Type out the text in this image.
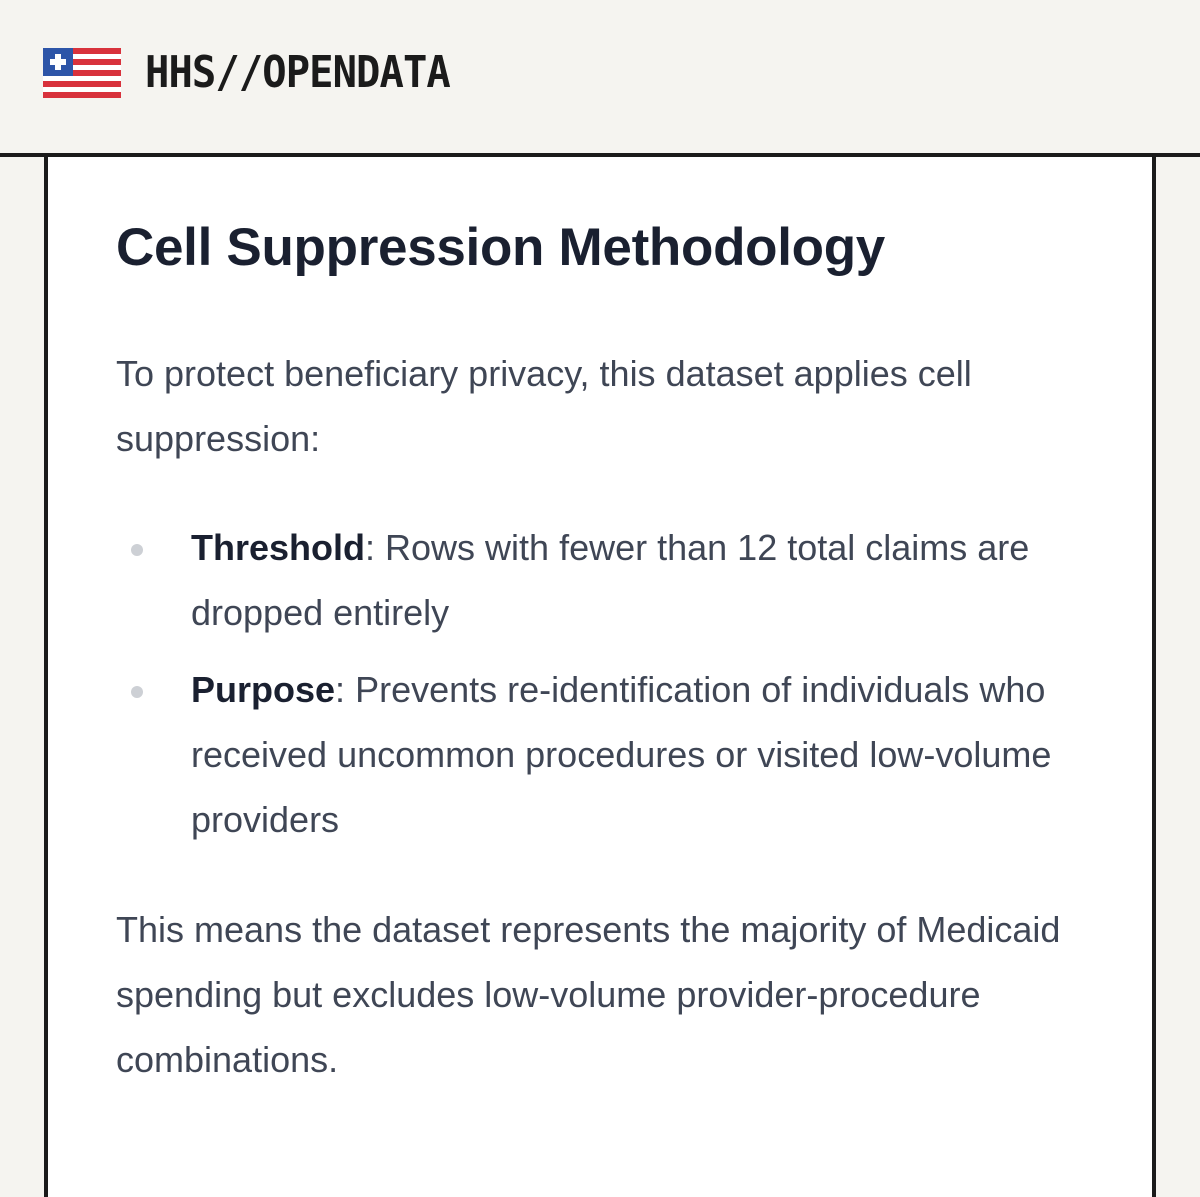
HHS//OPENDATA
Cell Suppression Methodology

To protect beneficiary privacy, this dataset applies cell suppression:

Threshold: Rows with fewer than 12 total claims are dropped entirely
Purpose: Prevents re-identification of individuals who received uncommon procedures or visited low-volume providers

This means the dataset represents the majority of Medicaid spending but excludes low-volume provider-procedure combinations.
